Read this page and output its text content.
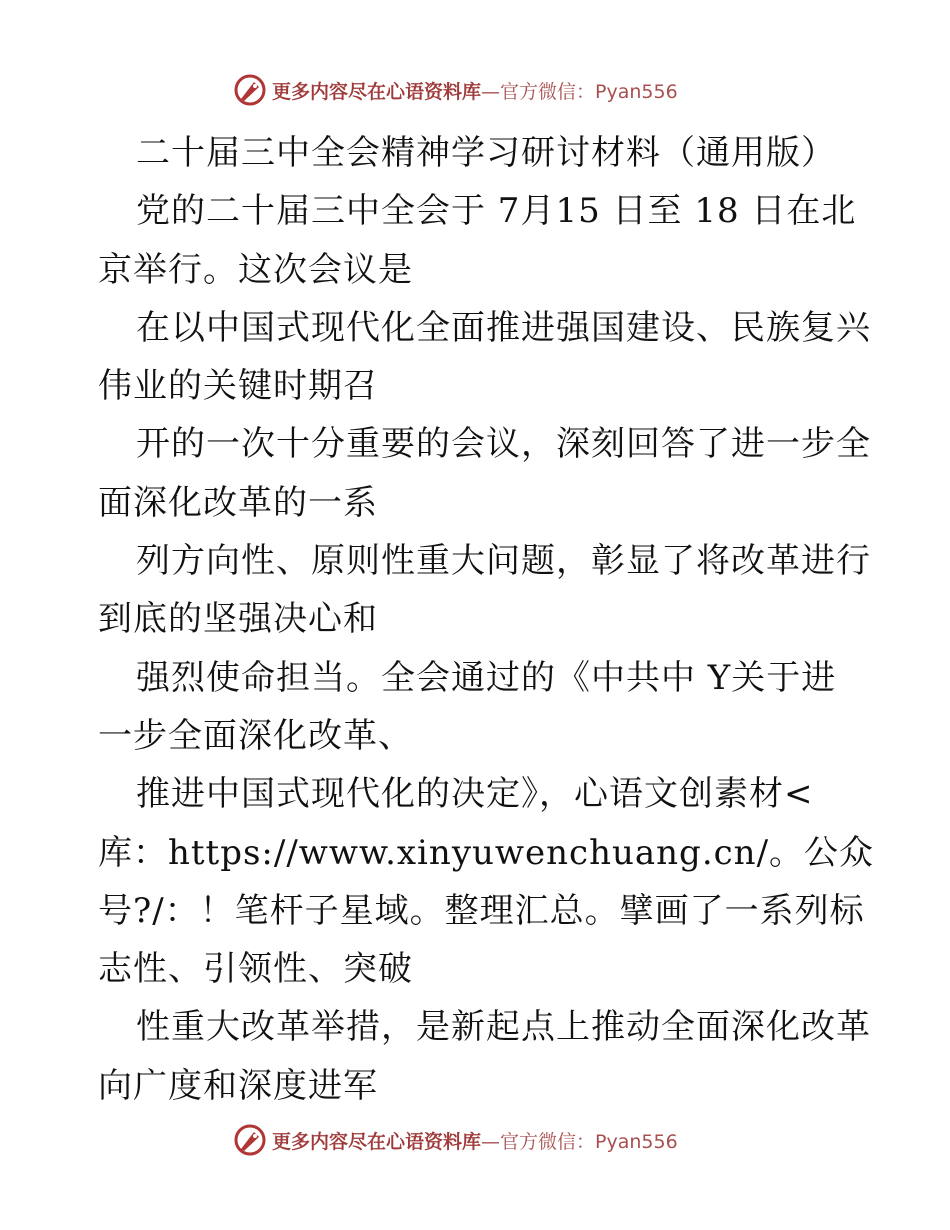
更多内容尽在心语资料库 —官方微信：Pyan556
二十届三中全会精神学习研讨材料（通用版）
党的二十届三中全会于 7月15 日至 18 日在北
京举行。这次会议是
在以中国式现代化全面推进强国建设、民族复兴
伟业的关键时期召
开的一次十分重要的会议，深刻回答了进一步全
面深化改革的一系
列方向性、原则性重大问题，彰显了将改革进行
到底的坚强决心和
强烈使命担当。全会通过的《中共中 Y关于进
一步全面深化改革、
推进中国式现代化的决定》，心语文创素材<
库：https://www.xinyuwenchuang.cn/。公众
号?/：！笔杆子星域。整理汇总。擘画了一系列标
志性、引领性、突破
性重大改革举措，是新起点上推动全面深化改革
向广度和深度进军
更多内容尽在心语资料库 —官方微信：Pyan556
